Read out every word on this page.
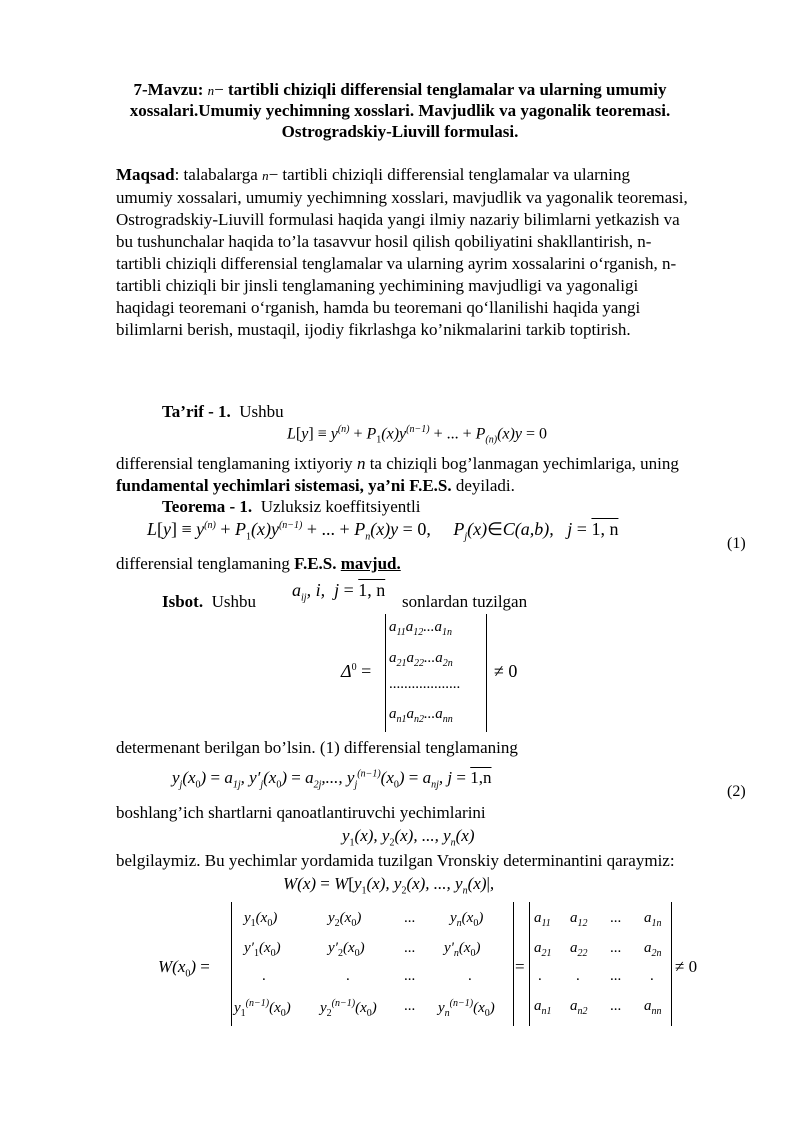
7-Mavzu: n− tartibli chiziqli differensial tenglamalar va ularning umumiy
xossalari.Umumiy yechimning xosslari. Mavjudlik va yagonalik teoremasi.
Ostrogradskiy-Liuvill formulasi.
Maqsad: talabalarga n− tartibli chiziqli differensial tenglamalar va ularning
umumiy xossalari, umumiy yechimning xosslari, mavjudlik va yagonalik teoremasi,
Ostrogradskiy-Liuvill formulasi haqida yangi ilmiy nazariy bilimlarni yetkazish va
bu tushunchalar haqida to’la tasavvur hosil qilish qobiliyatini shakllantirish, n-
tartibli chiziqli differensial tenglamalar va ularning ayrim xossalarini o‘rganish, n-
tartibli chiziqli bir jinsli tenglamaning yechimining mavjudligi va yagonaligi
haqidagi teoremani o‘rganish, hamda bu teoremani qo‘llanilishi haqida yangi
bilimlarni berish, mustaqil, ijodiy fikrlashga ko’nikmalarini tarkib toptirish.
Ta’rif - 1. Ushbu
$L[y] \equiv y^{(n)} + P_1(x)y^{(n-1)}$ + ... + $P_{(n)}(x)y = 0$
differensial tenglamaning ixtiyoriy n ta chiziqli bog’lanmagan yechimlariga, uning
fundamental yechimlari sistemasi, ya’ni F.E.S. deyiladi.
Teorema - 1. Uzluksiz koeffitsiyentli
$L[y] \equiv y^{(n)} + P_1(x)y^{(n-1)}$ + ... + $P_n(x)y = 0$,     $P_j(x)\in C(a,b)$,   j = 1, n
(1)
differensial tenglamaning F.E.S. mavjud.
Isbot. Ushbu
$a_{ij}$, i,  j = 1, n
sonlardan tuzilgan
$\Delta^0$ =
$a_{11}a_{12}...a_{1n}$
$a_{21}a_{22}...a_{2n}$
...................
$a_{n1}a_{n2}...a_{nn}$
≠ 0
determenant berilgan bo’lsin. (1) differensial tenglamaning
$y_j(x_0) = a_{1j}$, $y'_j(x_0) = a_{2j}$,..., $y_j^{(n-1)}(x_0) = a_{nj}$, j = 1,n
(2)
boshlang’ich shartlarni qanoatlantiruvchi yechimlarini
$y_1(x)$, $y_2(x)$, ..., $y_n(x)$
belgilaymiz. Bu yechimlar yordamida tuzilgan Vronskiy determinantini qaraymiz:
$W(x) = W[y_1(x)$, $y_2(x)$, ..., $y_n(x)|$,
$W(x_0)$ =
$y_1(x_0)$	$y_2(x_0)$	... $y_n(x_0)$
$y'_1(x_0)$	$y'_2(x_0)$	... $y'_n(x_0)$
.	.	...	.
$y_1^{(n-1)}(x_0)$ $y_2^{(n-1)}(x_0)$ ... $y_n^{(n-1)}(x_0)$
=
$a_{11}$ $a_{12}$ ... $a_{1n}$
$a_{21}$ $a_{22}$ ... $a_{2n}$
. . ... .
$a_{n1}$ $a_{n2}$ ... $a_{nn}$
≠ 0
